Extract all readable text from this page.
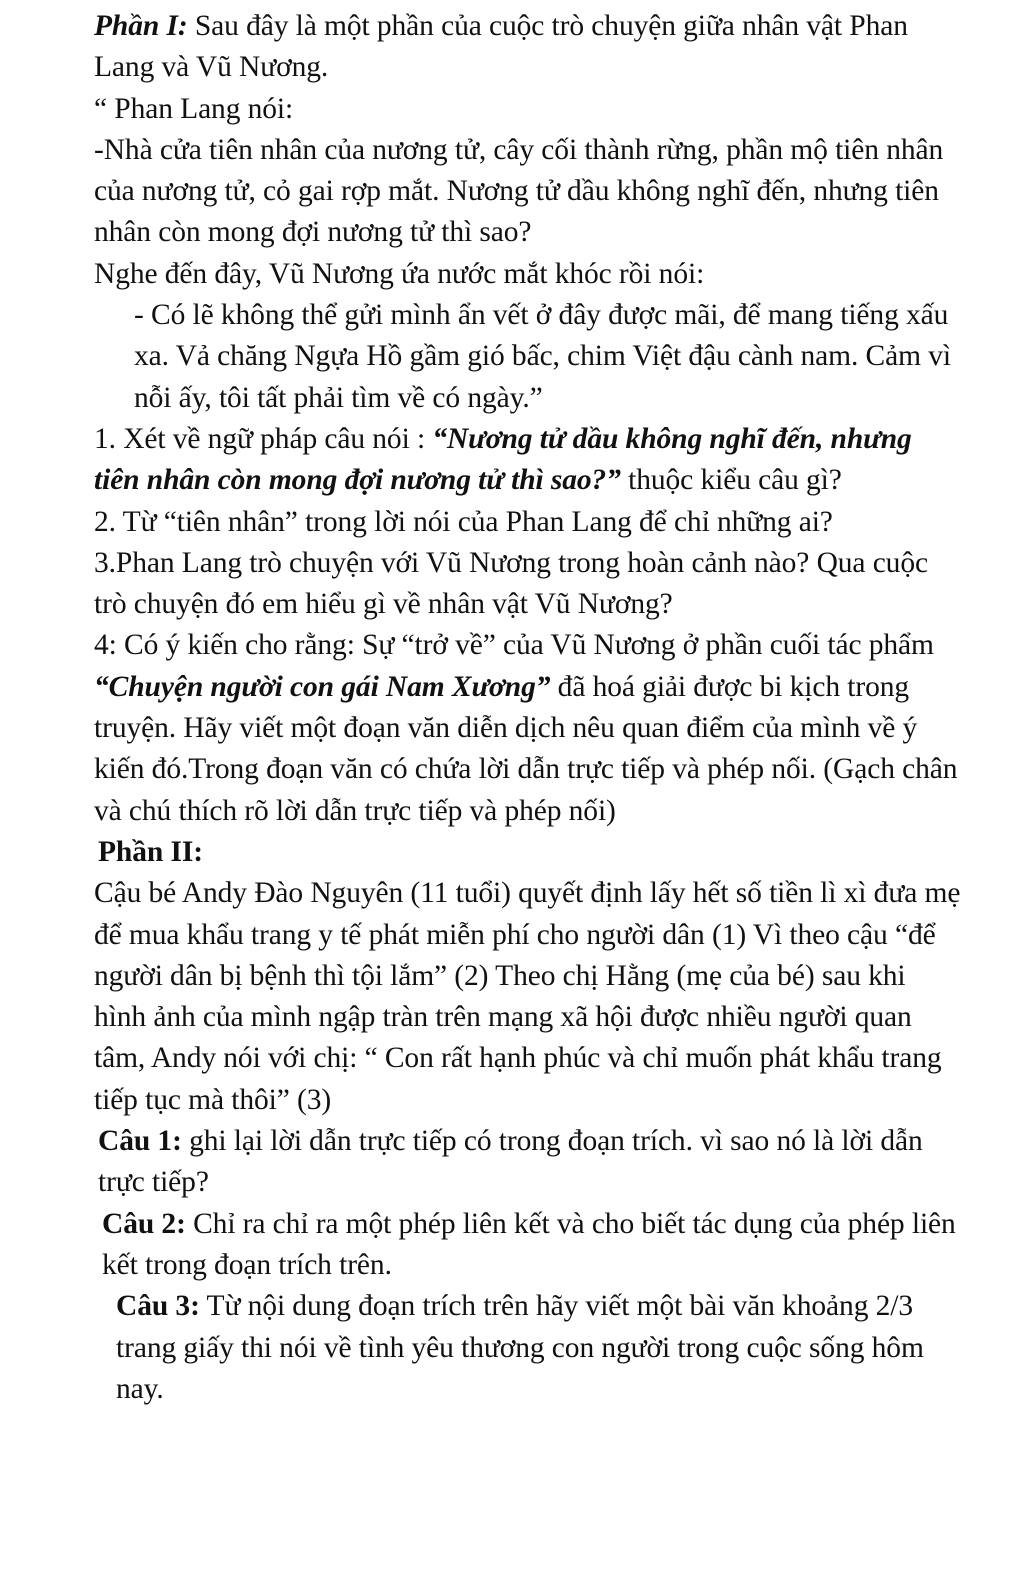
Phần I: Sau đây là một phần của cuộc trò chuyện giữa nhân vật Phan Lang và Vũ Nương.

“ Phan Lang nói:

-Nhà cửa tiên nhân của nương tử, cây cối thành rừng, phần mộ tiên nhân của nương tử, cỏ gai rợp mắt. Nương tử dầu không nghĩ đến, nhưng tiên nhân còn mong đợi nương tử thì sao?

Nghe đến đây, Vũ Nương ứa nước mắt khóc rồi nói:

- Có lẽ không thể gửi mình ẩn vết ở đây được mãi, để mang tiếng xấu xa. Vả chăng Ngựa Hồ gầm gió bấc, chim Việt đậu cành nam. Cảm vì nỗi ấy, tôi tất phải tìm về có ngày.”

1. Xét về ngữ pháp câu nói : “Nương tử dầu không nghĩ đến, nhưng tiên nhân còn mong đợi nương tử thì sao?” thuộc kiểu câu gì?

2. Từ “tiên nhân” trong lời nói của Phan Lang để chỉ những ai?

3.Phan Lang trò chuyện với Vũ Nương trong hoàn cảnh nào? Qua cuộc trò chuyện đó em hiểu gì về nhân vật Vũ Nương?

4: Có ý kiến cho rằng: Sự “trở về” của Vũ Nương ở phần cuối tác phẩm “Chuyện người con gái Nam Xương” đã hoá giải được bi kịch trong truyện. Hãy viết một đoạn văn diễn dịch nêu quan điểm của mình về ý kiến đó.Trong đoạn văn có chứa lời dẫn trực tiếp và phép nối. (Gạch chân và chú thích rõ lời dẫn trực tiếp và phép nối)

Phần II:

Cậu bé Andy Đào Nguyên (11 tuổi) quyết định lấy hết số tiền lì xì đưa mẹ để mua khẩu trang y tế phát miễn phí cho người dân (1) Vì theo cậu “để người dân bị bệnh thì tội lắm” (2) Theo chị Hằng (mẹ của bé) sau khi hình ảnh của mình ngập tràn trên mạng xã hội được nhiều người quan tâm, Andy nói với chị: “ Con rất hạnh phúc và chỉ muốn phát khẩu trang tiếp tục mà thôi” (3)

Câu 1: ghi lại lời dẫn trực tiếp có trong đoạn trích. vì sao nó là lời dẫn trực tiếp?

Câu 2: Chỉ ra chỉ ra một phép liên kết và cho biết tác dụng của phép liên kết trong đoạn trích trên.

Câu 3: Từ nội dung đoạn trích trên hãy viết một bài văn khoảng 2/3 trang giấy thi nói về tình yêu thương con người trong cuộc sống hôm nay.
